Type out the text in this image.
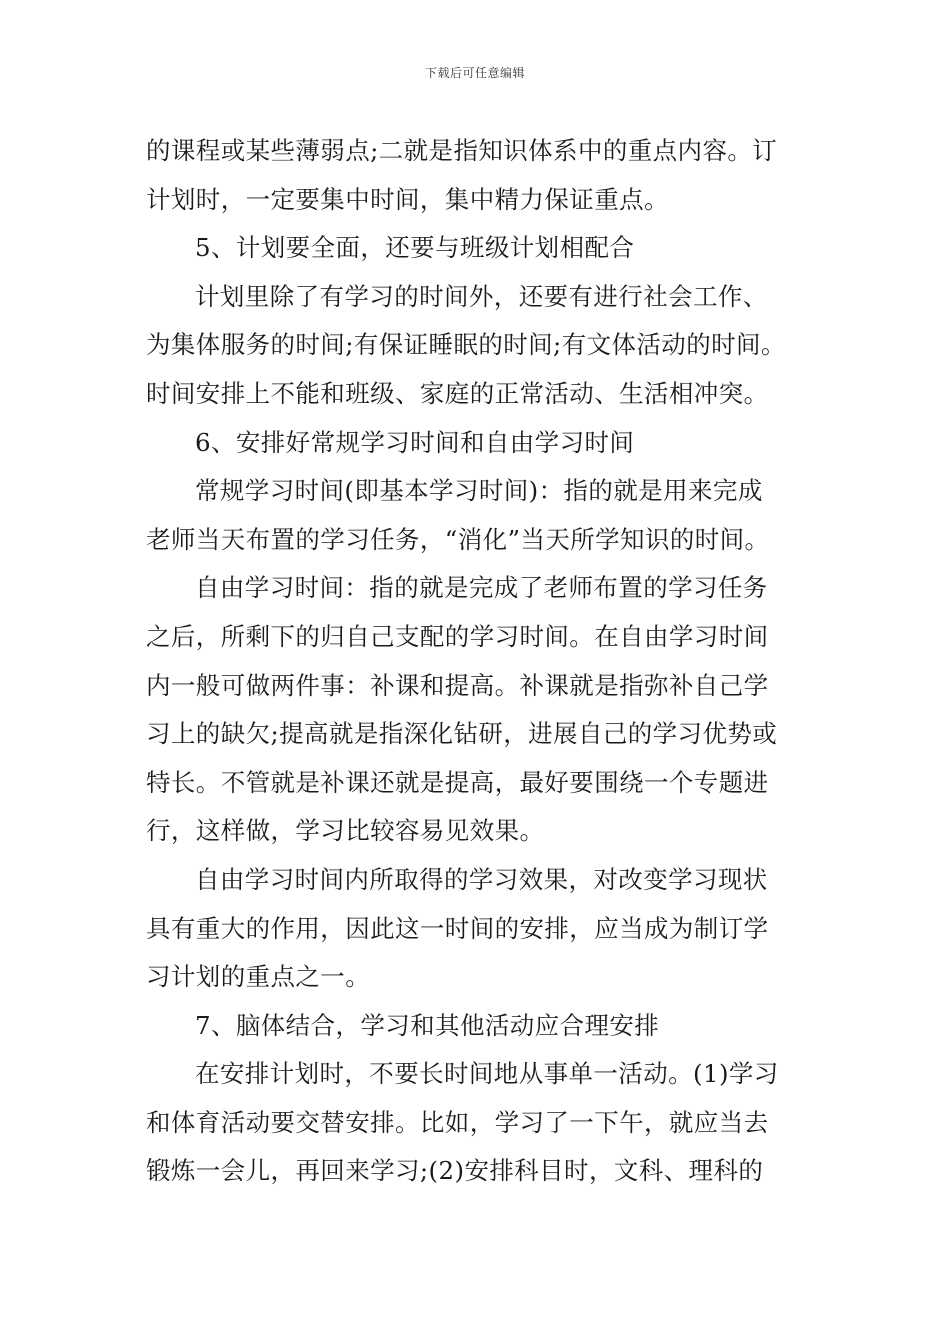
下载后可任意编辑
的课程或某些薄弱点;二就是指知识体系中的重点内容。订
计划时，一定要集中时间，集中精力保证重点。
5、计划要全面，还要与班级计划相配合
计划里除了有学习的时间外，还要有进行社会工作、
为集体服务的时间;有保证睡眠的时间;有文体活动的时间。
时间安排上不能和班级、家庭的正常活动、生活相冲突。
6、安排好常规学习时间和自由学习时间
常规学习时间(即基本学习时间)：指的就是用来完成
老师当天布置的学习任务，“消化”当天所学知识的时间。
自由学习时间：指的就是完成了老师布置的学习任务
之后，所剩下的归自己支配的学习时间。在自由学习时间
内一般可做两件事：补课和提高。补课就是指弥补自己学
习上的缺欠;提高就是指深化钻研，进展自己的学习优势或
特长。不管就是补课还就是提高，最好要围绕一个专题进
行，这样做，学习比较容易见效果。
自由学习时间内所取得的学习效果，对改变学习现状
具有重大的作用，因此这一时间的安排，应当成为制订学
习计划的重点之一。
7、脑体结合，学习和其他活动应合理安排
在安排计划时，不要长时间地从事单一活动。(1)学习
和体育活动要交替安排。比如，学习了一下午，就应当去
锻炼一会儿，再回来学习;(2)安排科目时，文科、理科的
